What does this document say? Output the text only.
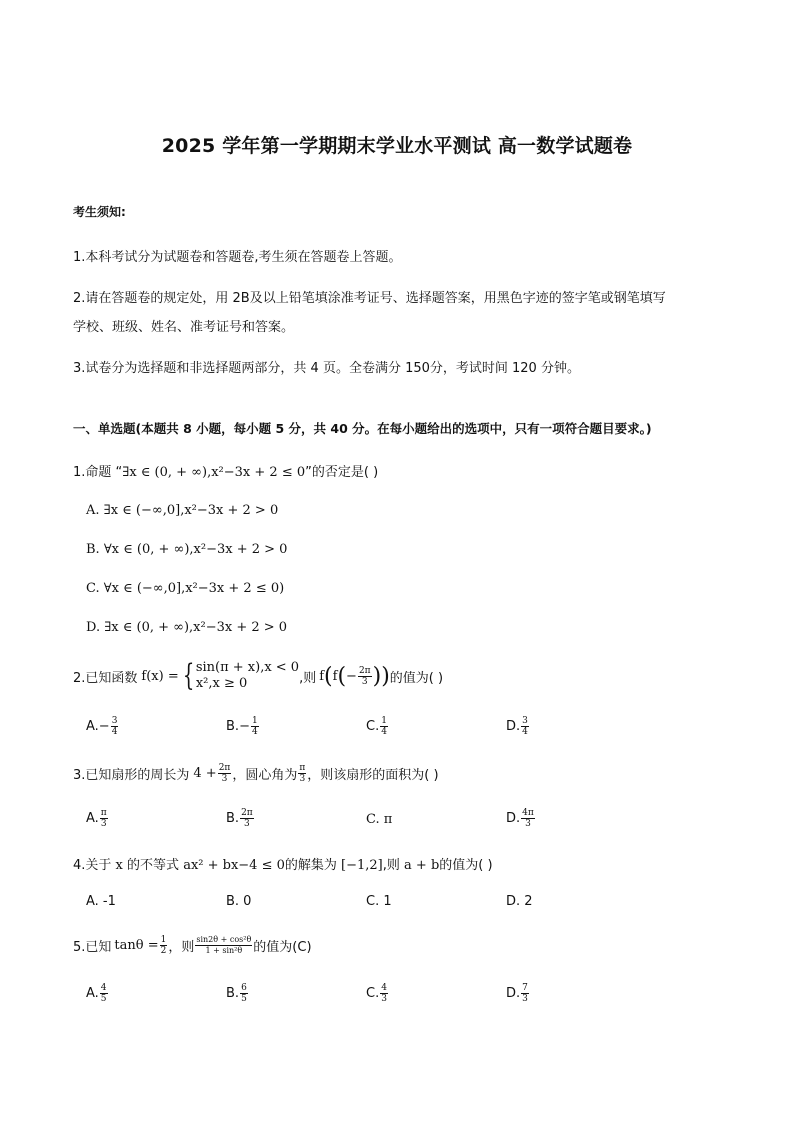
2025 学年第一学期期末学业水平测试 高一数学试题卷
考生须知:
1.本科考试分为试题卷和答题卷,考生须在答题卷上答题。
2.请在答题卷的规定处，用 2B及以上铅笔填涂准考证号、选择题答案，用黑色字迹的签字笔或钢笔填写
学校、班级、姓名、准考证号和答案。
3.试卷分为选择题和非选择题两部分，共 4 页。全卷满分 150分，考试时间 120 分钟。
一、单选题(本题共 8 小题，每小题 5 分，共 40 分。在每小题给出的选项中，只有一项符合题目要求。)
1.命题 “∃x ∈ (0, + ∞),x²−3x + 2 ≤ 0”的否定是( )
A. ∃x ∈ (−∞,0],x²−3x + 2 > 0
B. ∀x ∈ (0, + ∞),x²−3x + 2 > 0
C. ∀x ∈ (−∞,0],x²−3x + 2 ≤ 0)
D. ∃x ∈ (0, + ∞),x²−3x + 2 > 0
2.已知函数 f(x) = { sin(π + x),x < 0
x²,x ≥ 0	,则 f ( f ( − $\frac{2\pi}{3}$ )) 的值为( )
$A.- \frac{3}{4}$	$B.- \frac{1}{4}$	C. $\frac{1}{4}$	D. $\frac{3}{4}$
3.已知扇形的周长为 $4 + \frac{2\pi}{3}$ ，圆心角为 $\frac{\pi}{3}$ ，则该扇形的面积为( )
A. $\frac{\pi}{3}$	B. $\frac{2\pi}{3}$	C. π	D. $\frac{4\pi}{3}$
4.关于 x 的不等式 ax² + bx−4 ≤ 0的解集为 [−1,2],则 a + b的值为( )
A. -1	B. 0	C. 1	D. 2
5.已知 $\tan\theta = \frac{1}{2}$ ，则 $\frac{\text{sin2θ + cos²θ}}{\text{1 + sin²θ}}$ 的值为(C)
A. $\frac{4}{5}$	B. $\frac{6}{5}$	C. $\frac{4}{3}$	D. $\frac{7}{3}$
